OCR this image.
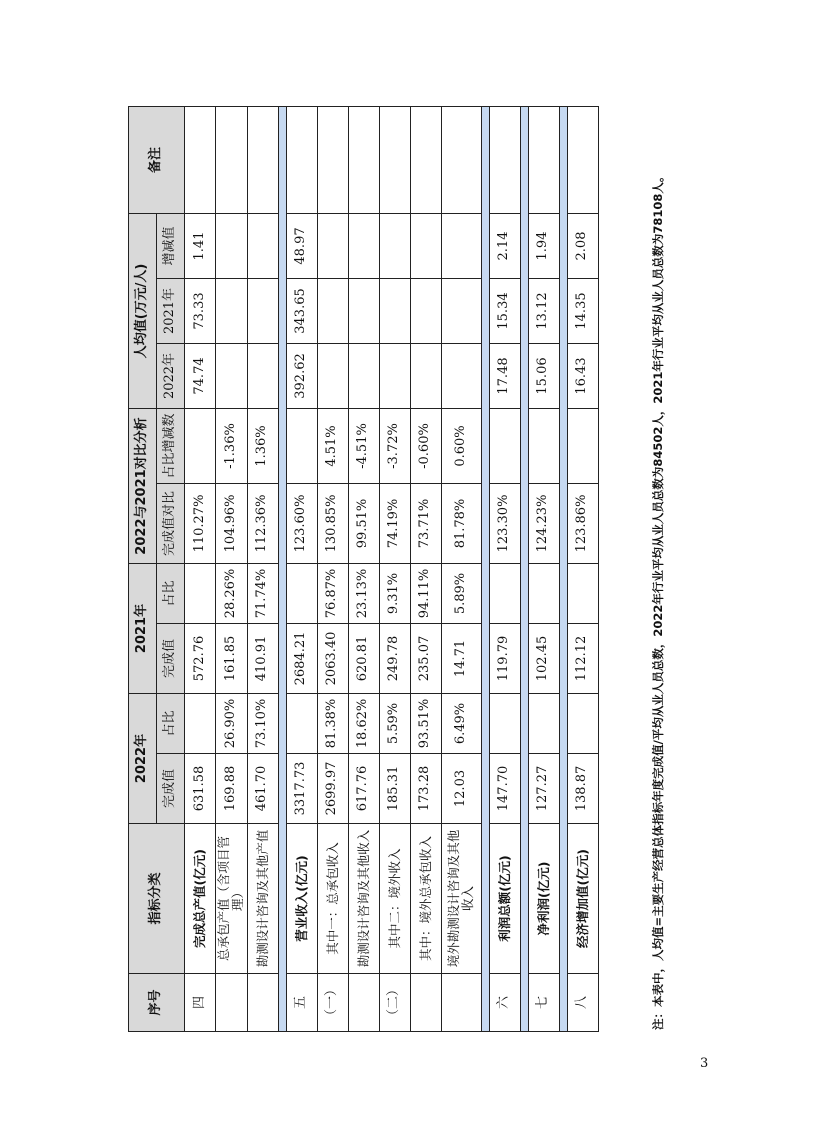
序号	指标分类	2022年		2021年		2022与2021对比分析		人均值(万元/人)			备注
		完成值	占比	完成值	占比	完成值对比	占比增减数	2022年	2021年	增减值	
四	完成总产值(亿元)	631.58		572.76		110.27%		74.74	73.33	1.41	
	总承包产值（含项目管理）	169.88	26.90%	161.85	28.26%	104.96%	-1.36%				
	勘测设计咨询及其他产值	461.70	73.10%	410.91	71.74%	112.36%	1.36%				

五	营业收入(亿元)	3317.73		2684.21		123.60%		392.62	343.65	48.97	
（一）	其中一：总承包收入	2699.97	81.38%	2063.40	76.87%	130.85%	4.51%				
	勘测设计咨询及其他收入	617.76	18.62%	620.81	23.13%	99.51%	-4.51%				
（二）	其中二：境外收入	185.31	5.59%	249.78	9.31%	74.19%	-3.72%				
	其中：境外总承包收入	173.28	93.51%	235.07	94.11%	73.71%	-0.60%				
	境外勘测设计咨询及其他收入	12.03	6.49%	14.71	5.89%	81.78%	0.60%				

六	利润总额(亿元)	147.70		119.79		123.30%		17.48	15.34	2.14	

七	净利润(亿元)	127.27		102.45		124.23%		15.06	13.12	1.94	

八	经济增加值(亿元)	138.87		112.12		123.86%		16.43	14.35	2.08		注：本表中，人均值=主要生产经营总体指标年度完成值/平均从业人员总数，2022年行业平均从业人员总数为84502人，2021年行业平均从业人员总数为78108人。
3
